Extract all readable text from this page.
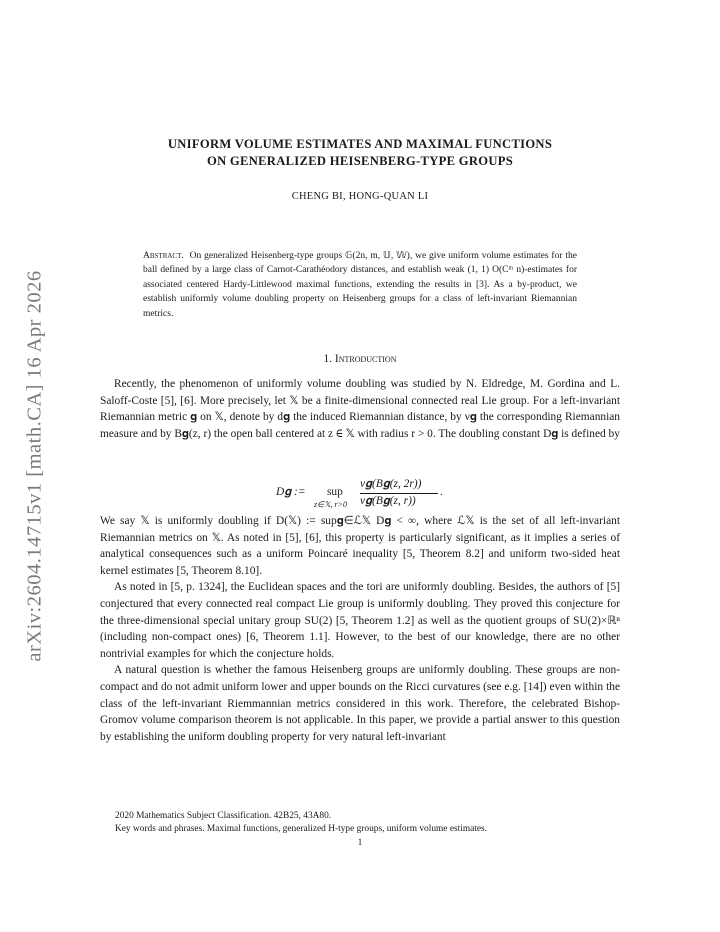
arXiv:2604.14715v1 [math.CA] 16 Apr 2026
UNIFORM VOLUME ESTIMATES AND MAXIMAL FUNCTIONS
ON GENERALIZED HEISENBERG-TYPE GROUPS
CHENG BI, HONG-QUAN LI
Abstract. On generalized Heisenberg-type groups 𝔾(2n, m, 𝕌, 𝕎), we give uniform volume estimates for the ball defined by a large class of Carnot-Carathéodory distances, and establish weak (1, 1) O(Cᵐ n)-estimates for associated centered Hardy-Littlewood maximal functions, extending the results in [3]. As a by-product, we establish uniformly volume doubling property on Heisenberg groups for a class of left-invariant Riemannian metrics.
1. Introduction

Recently, the phenomenon of uniformly volume doubling was studied by N. Eldredge, M. Gordina and L. Saloff-Coste [5], [6]. More precisely, let 𝕏 be a finite-dimensional connected real Lie group. For a left-invariant Riemannian metric 𝐠 on 𝕏, denote by d𝐠 the induced Riemannian distance, by ν𝐠 the corresponding Riemannian measure and by B𝐠(z, r) the open ball centered at z ∈ 𝕏 with radius r > 0. The doubling constant D𝐠 is defined by

D𝐠 := sup
z∈𝕏, r>0
ν𝐠(B𝐠(z, 2r))
ν𝐠(B𝐠(z, r))
.

We say 𝕏 is uniformly doubling if D(𝕏) := sup𝐠∈ℒ𝕏 D𝐠 < ∞, where ℒ𝕏 is the set of all left-invariant Riemannian metrics on 𝕏. As noted in [5], [6], this property is particularly significant, as it implies a series of analytical consequences such as a uniform Poincaré inequality [5, Theorem 8.2] and uniform two-sided heat kernel estimates [5, Theorem 8.10].

As noted in [5, p. 1324], the Euclidean spaces and the tori are uniformly doubling. Besides, the authors of [5] conjectured that every connected real compact Lie group is uniformly doubling. They proved this conjecture for the three-dimensional special unitary group SU(2) [5, Theorem 1.2] as well as the quotient groups of SU(2)×ℝⁿ (including non-compact ones) [6, Theorem 1.1]. However, to the best of our knowledge, there are no other nontrivial examples for which the conjecture holds.

A natural question is whether the famous Heisenberg groups are uniformly doubling. These groups are non-compact and do not admit uniform lower and upper bounds on the Ricci curvatures (see e.g. [14]) even within the class of the left-invariant Riemmannian metrics considered in this work. Therefore, the celebrated Bishop-Gromov volume comparison theorem is not applicable. In this paper, we provide a partial answer to this question by establishing the uniform doubling property for very natural left-invariant

2020 Mathematics Subject Classification. 42B25, 43A80.
Key words and phrases. Maximal functions, generalized H-type groups, uniform volume estimates.
1
